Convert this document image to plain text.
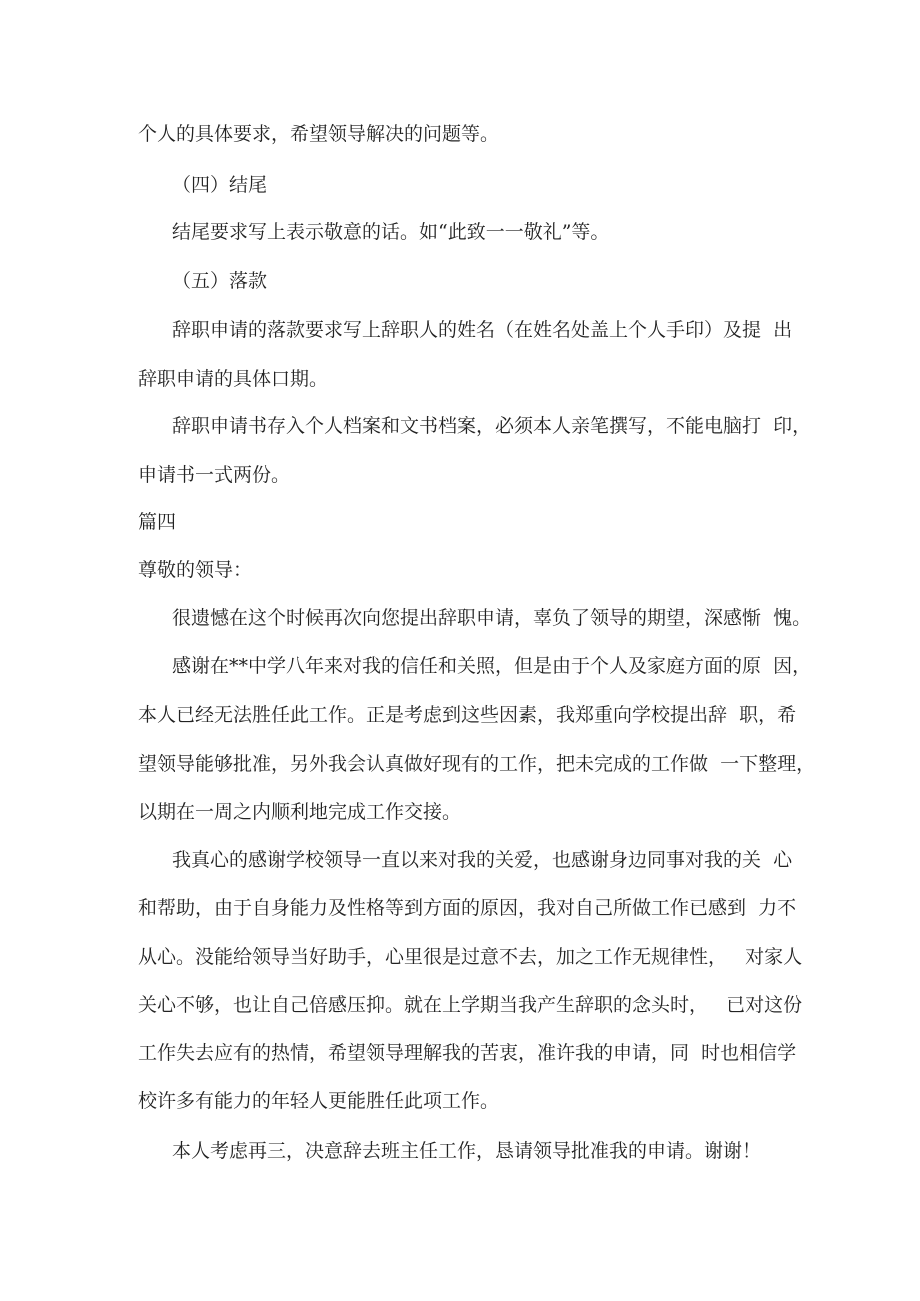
个人的具体要求，希望领导解决的问题等。

（四）结尾

结尾要求写上表示敬意的话。如“此致一一敬礼”等。

（五）落款

辞职申请的落款要求写上辞职人的姓名（在姓名处盖上个人手印）及提  出

辞职申请的具体口期。

辞职申请书存入个人档案和文书档案，必须本人亲笔撰写，不能电脑打  印，

申请书一式两份。

篇四

尊敬的领导：

很遗憾在这个时候再次向您提出辞职申请，辜负了领导的期望，深感惭  愧。

感谢在**中学八年来对我的信任和关照，但是由于个人及家庭方面的原  因，

本人已经无法胜任此工作。正是考虑到这些因素，我郑重向学校提出辞  职，希

望领导能够批准，另外我会认真做好现有的工作，把未完成的工作做  一下整理，

以期在一周之内顺利地完成工作交接。

我真心的感谢学校领导一直以来对我的关爱，也感谢身边同事对我的关  心

和帮助，由于自身能力及性格等到方面的原因，我对自己所做工作已感到  力不

从心。没能给领导当好助手，心里很是过意不去，加之工作无规律性，   对家人

关心不够，也让自己倍感压抑。就在上学期当我产生辞职的念头时，   已对这份

工作失去应有的热情，希望领导理解我的苦衷，准许我的申请，同  时也相信学

校许多有能力的年轻人更能胜任此项工作。

本人考虑再三，决意辞去班主任工作，恳请领导批准我的申请。谢谢！
